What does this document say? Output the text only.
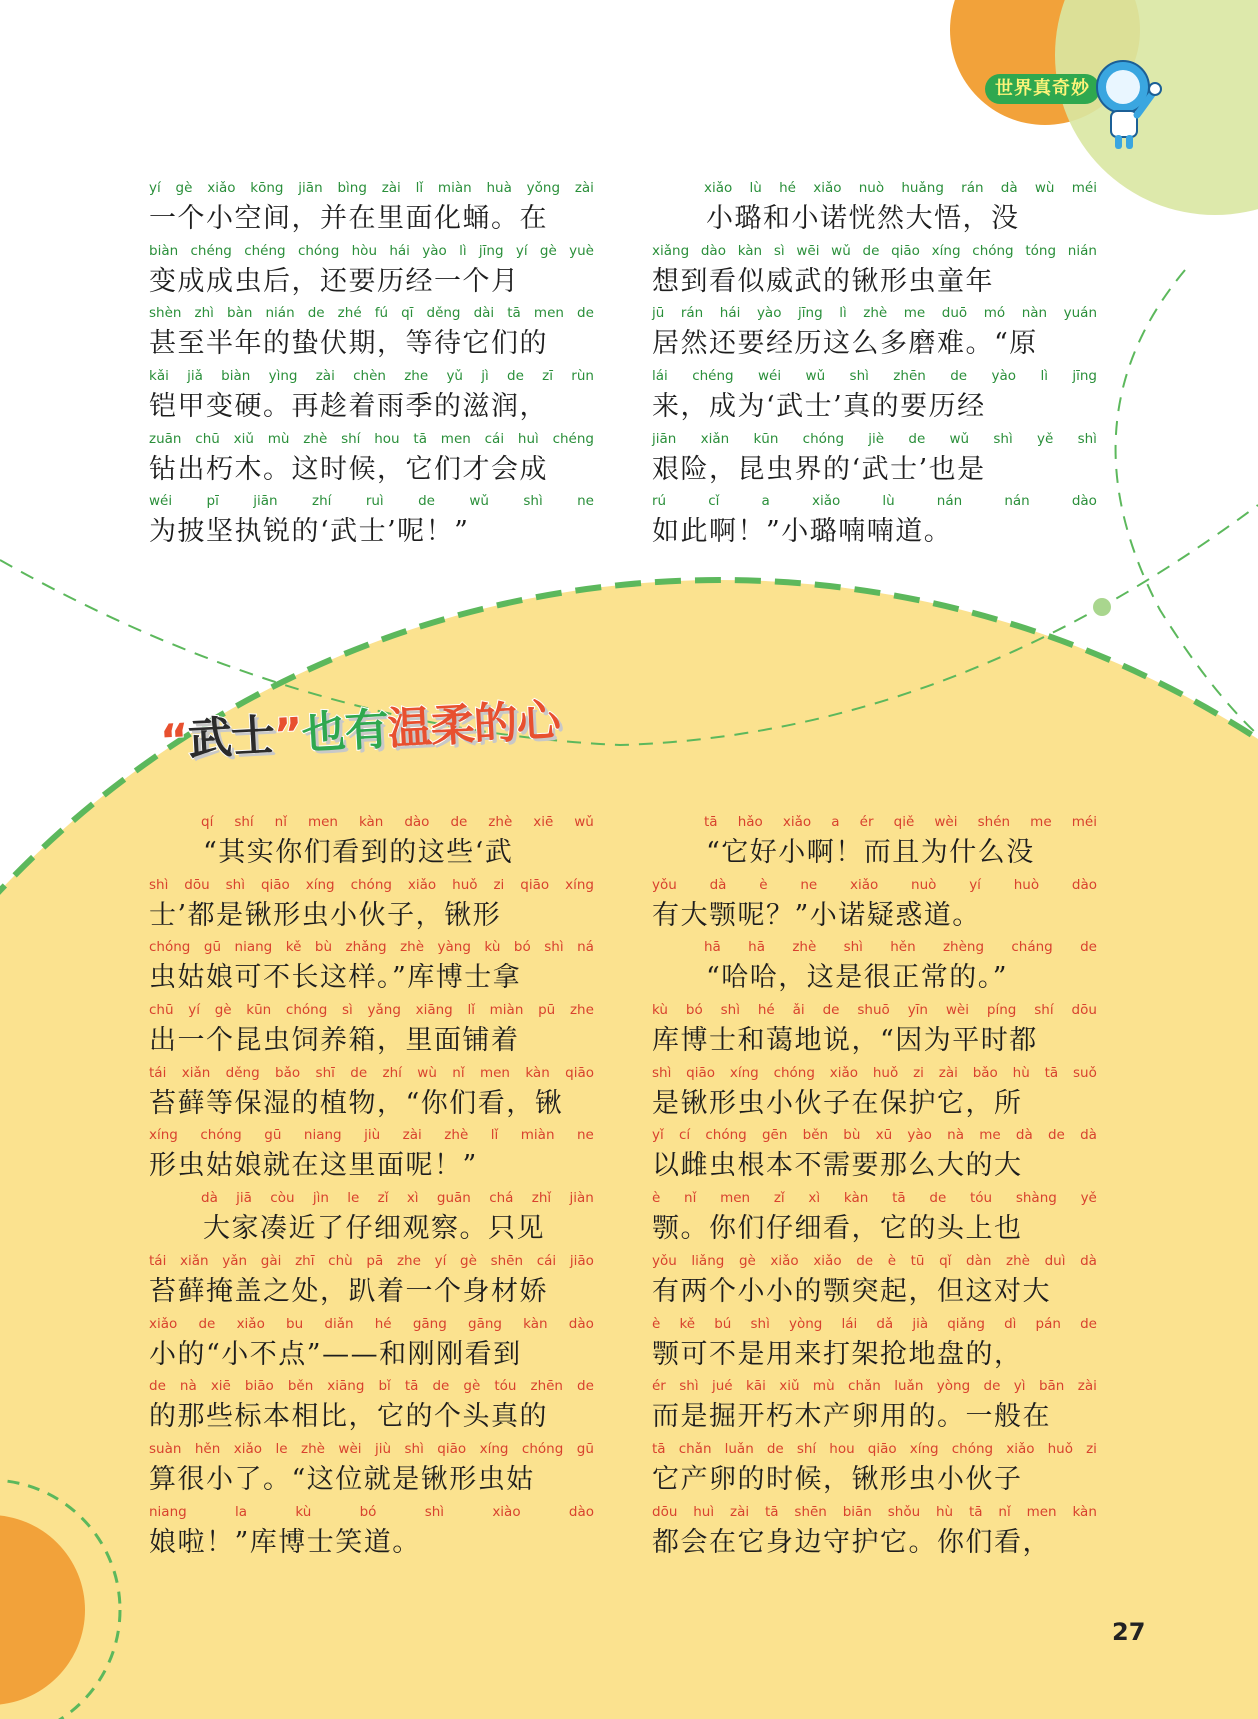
世界真奇妙
yí gè xiǎo kōng jiān bìng zài lǐ miàn huà yǒng zài
一个小空间，并在里面化蛹。在
biàn chéng chéng chóng hòu hái yào lì jīng yí gè yuè
变成成虫后，还要历经一个月
shèn zhì bàn nián de zhé fú qī děng dài tā men de
甚至半年的蛰伏期，等待它们的
kǎi jiǎ biàn yìng zài chèn zhe yǔ jì de zī rùn
铠甲变硬。再趁着雨季的滋润，
zuān chū xiǔ mù zhè shí hou tā men cái huì chéng
钻出朽木。这时候，它们才会成
wéi	pī	jiān	zhí	ruì	de	wǔ	shì	ne
为披坚执锐的‘武士’呢！”
xiǎo lù hé xiǎo nuò huǎng rán dà wù méi
小璐和小诺恍然大悟，没
xiǎng dào kàn sì wēi wǔ de qiāo xíng chóng tóng nián
想到看似威武的锹形虫童年
jū rán hái yào jīng lì zhè me duō mó nàn yuán
居然还要经历这么多磨难。“原
lái chéng wéi wǔ shì zhēn de yào lì jīng
来，成为‘武士’真的要历经
jiān xiǎn kūn chóng jiè de wǔ shì yě shì
艰险，昆虫界的‘武士’也是
rú	cǐ	a	xiǎo	lù	nán	nán	dào
如此啊！”小璐喃喃道。
“武士”也有温柔的心
qí shí nǐ men kàn dào de zhè xiē wǔ
“其实你们看到的这些‘武
shì dōu shì qiāo xíng chóng xiǎo huǒ zi qiāo xíng
士’都是锹形虫小伙子，锹形
chóng gū niang kě bù zhǎng zhè yàng kù bó shì ná
虫姑娘可不长这样。”库博士拿
chū yí gè kūn chóng sì yǎng xiāng lǐ miàn pū zhe
出一个昆虫饲养箱，里面铺着
tái xiǎn děng bǎo shī de zhí wù nǐ men kàn qiāo
苔藓等保湿的植物，“你们看，锹
xíng chóng gū niang jiù zài zhè lǐ miàn ne
形虫姑娘就在这里面呢！”
dà jiā còu jìn le zǐ xì guān chá zhǐ jiàn
大家凑近了仔细观察。只见
tái xiǎn yǎn gài zhī chù pā zhe yí gè shēn cái jiāo
苔藓掩盖之处，趴着一个身材娇
xiǎo de xiǎo bu diǎn hé gāng gāng kàn dào
小的“小不点”——和刚刚看到
de nà xiē biāo běn xiāng bǐ tā de gè tóu zhēn de
的那些标本相比，它的个头真的
suàn hěn xiǎo le zhè wèi jiù shì qiāo xíng chóng gū
算很小了。“这位就是锹形虫姑
niang	la	kù	bó	shì	xiào	dào
娘啦！”库博士笑道。
tā hǎo xiǎo a ér qiě wèi shén me méi
“它好小啊！而且为什么没
yǒu dà è ne xiǎo nuò yí huò dào
有大颚呢？”小诺疑惑道。
hā hā zhè shì hěn zhèng cháng de
“哈哈，这是很正常的。”
kù bó shì hé ǎi de shuō yīn wèi píng shí dōu
库博士和蔼地说，“因为平时都
shì qiāo xíng chóng xiǎo huǒ zi zài bǎo hù tā suǒ
是锹形虫小伙子在保护它，所
yǐ cí chóng gēn běn bù xū yào nà me dà de dà
以雌虫根本不需要那么大的大
è nǐ men zǐ xì kàn tā de tóu shàng yě
颚。你们仔细看，它的头上也
yǒu liǎng gè xiǎo xiǎo de è tū qǐ dàn zhè duì dà
有两个小小的颚突起，但这对大
è kě bú shì yòng lái dǎ jià qiǎng dì pán de
颚可不是用来打架抢地盘的，
ér shì jué kāi xiǔ mù chǎn luǎn yòng de yì bān zài
而是掘开朽木产卵用的。一般在
tā chǎn luǎn de shí hou qiāo xíng chóng xiǎo huǒ zi
它产卵的时候，锹形虫小伙子
dōu huì zài tā shēn biān shǒu hù tā nǐ men kàn
都会在它身边守护它。你们看，
27
